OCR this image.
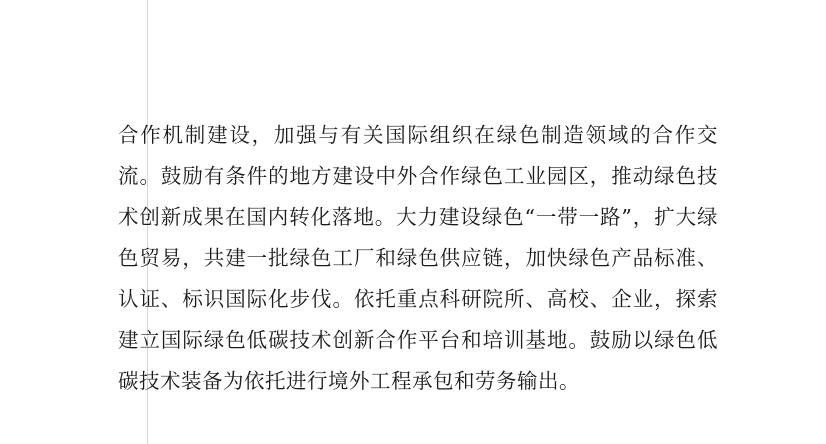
合作机制建设，加强与有关国际组织在绿色制造领域的合作交流。鼓励有条件的地方建设中外合作绿色工业园区，推动绿色技术创新成果在国内转化落地。大力建设绿色“一带一路”，扩大绿色贸易，共建一批绿色工厂和绿色供应链，加快绿色产品标准、认证、标识国际化步伐。依托重点科研院所、高校、企业，探索建立国际绿色低碳技术创新合作平台和培训基地。鼓励以绿色低碳技术装备为依托进行境外工程承包和劳务输出。
